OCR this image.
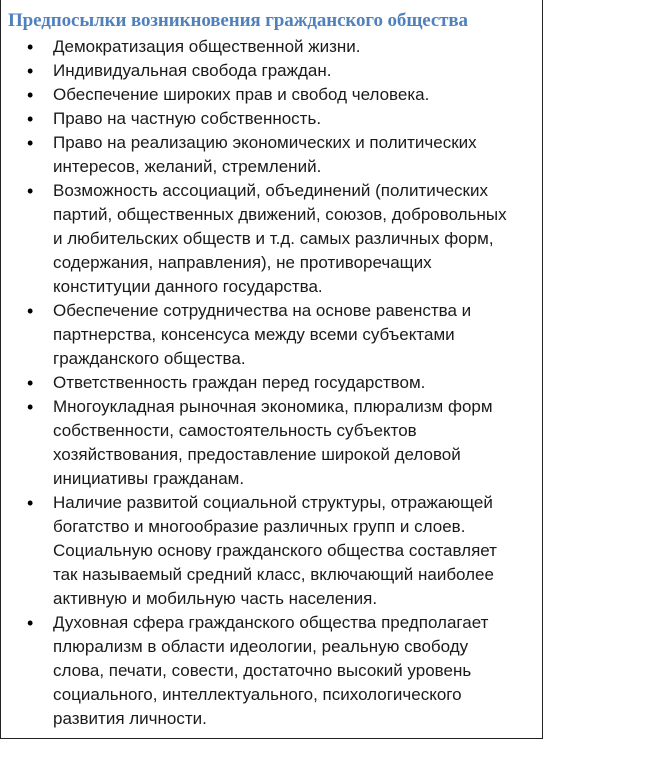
Предпосылки возникновения гражданского общества
•	Демократизация общественной жизни.
•	Индивидуальная свобода граждан.
•	Обеспечение широких прав и свобод человека.
•	Право на частную собственность.
•	Право на реализацию экономических и политических
интересов, желаний, стремлений.
•	Возможность ассоциаций, объединений (политических
партий, общественных движений, союзов, добровольных
и любительских обществ и т.д. самых различных форм,
содержания, направления), не противоречащих
конституции данного государства.
•	Обеспечение сотрудничества на основе равенства и
партнерства, консенсуса между всеми субъектами
гражданского общества.
•	Ответственность граждан перед государством.
•	Многоукладная рыночная экономика, плюрализм форм
собственности, самостоятельность субъектов
хозяйствования, предоставление широкой деловой
инициативы гражданам.
•	Наличие развитой социальной структуры, отражающей
богатство и многообразие различных групп и слоев.
Социальную основу гражданского общества составляет
так называемый средний класс, включающий наиболее
активную и мобильную часть населения.
•	Духовная сфера гражданского общества предполагает
плюрализм в области идеологии, реальную свободу
слова, печати, совести, достаточно высокий уровень
социального, интеллектуального, психологического
развития личности.
